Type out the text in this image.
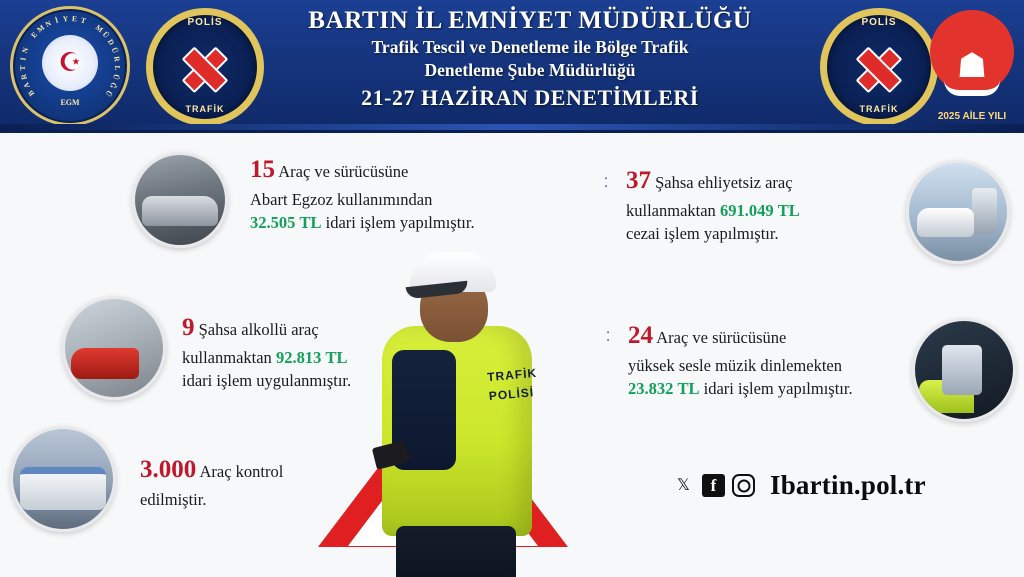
☪
EGM
B
A
R
T
I
N
E
M
N İ Y E T
M
Ü
D
Ü
R
L
Ü
Ğ
Ü
POLİS
TRAFİK
BARTIN İL EMNİYET MÜDÜRLÜĞÜ
Trafik Tescil ve Denetleme ile Bölge Trafik
Denetleme Şube Müdürlüğü
21-27 HAZİRAN DENETİMLERİ
POLİS
TRAFİK
☗
2025 AİLE YILI
TRAFİK
POLİSİ
15 Araç ve sürücüsüne
Abart Egzoz kullanımından
32.505 TL idari işlem yapılmıştır.
⁚ 37 Şahsa ehliyetsiz araç
kullanmaktan 691.049 TL
cezai işlem yapılmıştır.
9 Şahsa alkollü araç
kullanmaktan 92.813 TL
idari işlem uygulanmıştır.
⁚ 24 Araç ve sürücüsüne
yüksek sesle müzik dinlemekten
23.832 TL idari işlem yapılmıştır.
3.000 Araç kontrol
edilmiştir.
𝕏	f	Ibartin.pol.tr
